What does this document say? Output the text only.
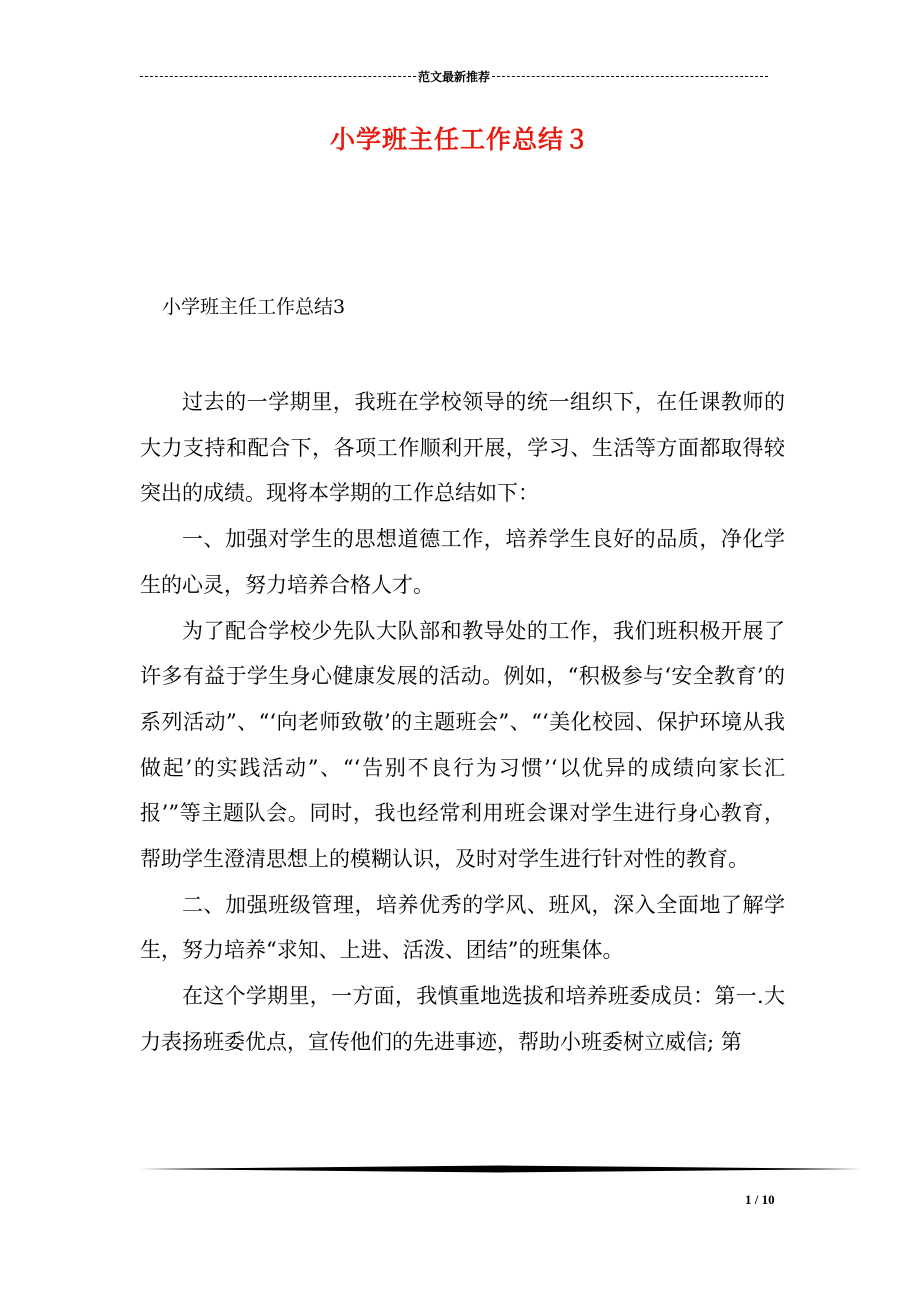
范文最新推荐
小学班主任工作总结３
小学班主任工作总结3

过去的一学期里，我班在学校领导的统一组织下，在任课教师的大力支持和配合下，各项工作顺利开展，学习、生活等方面都取得较突出的成绩。现将本学期的工作总结如下：

一、加强对学生的思想道德工作，培养学生良好的品质，净化学生的心灵，努力培养合格人才。

为了配合学校少先队大队部和教导处的工作，我们班积极开展了许多有益于学生身心健康发展的活动。例如，“积极参与‘安全教育’的系列活动”、“‘向老师致敬’的主题班会”、“‘美化校园、保护环境从我做起’的实践活动”、“‘告别不良行为习惯’‘以优异的成绩向家长汇报’”等主题队会。同时，我也经常利用班会课对学生进行身心教育，帮助学生澄清思想上的模糊认识，及时对学生进行针对性的教育。

二、加强班级管理，培养优秀的学风、班风，深入全面地了解学生，努力培养“求知、上进、活泼、团结”的班集体。

在这个学期里，一方面，我慎重地选拔和培养班委成员：第一.大力表扬班委优点，宣传他们的先进事迹，帮助小班委树立威信; 第

1 / 10
